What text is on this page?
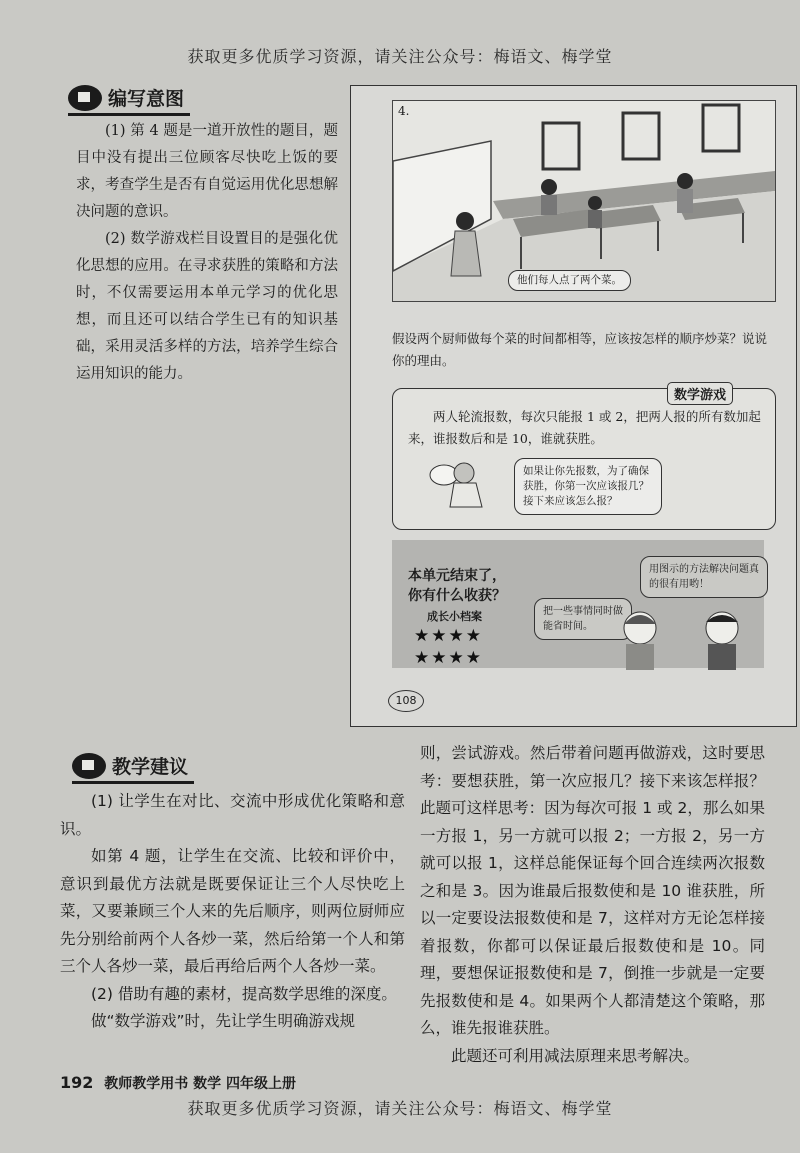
获取更多优质学习资源，请关注公众号：梅语文、梅学堂
编写意图

(1) 第 4 题是一道开放性的题目，题目中没有提出三位顾客尽快吃上饭的要求，考查学生是否有自觉运用优化思想解决问题的意识。

(2) 数学游戏栏目设置目的是强化优化思想的应用。在寻求获胜的策略和方法时，不仅需要运用本单元学习的优化思想，而且还可以结合学生已有的知识基础，采用灵活多样的方法，培养学生综合运用知识的能力。

4.
他们每人点了两个菜。
假设两个厨师做每个菜的时间都相等，应该按怎样的顺序炒菜？说说你的理由。
数学游戏
两人轮流报数，每次只能报 1 或 2，把两人报的所有数加起来，谁报数后和是 10，谁就获胜。
如果让你先报数，为了确保获胜，你第一次应该报几？接下来应该怎么报？
本单元结束了，你有什么收获？
成长小档案
★★★★
★★★★
把一些事情同时做能省时间。
用图示的方法解决问题真的很有用哟！
108
教学建议

(1) 让学生在对比、交流中形成优化策略和意识。

如第 4 题，让学生在交流、比较和评价中，意识到最优方法就是既要保证让三个人尽快吃上菜，又要兼顾三个人来的先后顺序，则两位厨师应先分别给前两个人各炒一菜，然后给第一个人和第三个人各炒一菜，最后再给后两个人各炒一菜。

(2) 借助有趣的素材，提高数学思维的深度。

做“数学游戏”时，先让学生明确游戏规

则，尝试游戏。然后带着问题再做游戏，这时要思考：要想获胜，第一次应报几？接下来该怎样报？此题可这样思考：因为每次可报 1 或 2，那么如果一方报 1，另一方就可以报 2；一方报 2，另一方就可以报 1，这样总能保证每个回合连续两次报数之和是 3。因为谁最后报数使和是 10 谁获胜，所以一定要设法报数使和是 7，这样对方无论怎样接着报数，你都可以保证最后报数使和是 10。同理，要想保证报数使和是 7，倒推一步就是一定要先报数使和是 4。如果两个人都清楚这个策略，那么，谁先报谁获胜。

此题还可利用减法原理来思考解决。

192 教师教学用书 数学 四年级上册
获取更多优质学习资源，请关注公众号：梅语文、梅学堂
